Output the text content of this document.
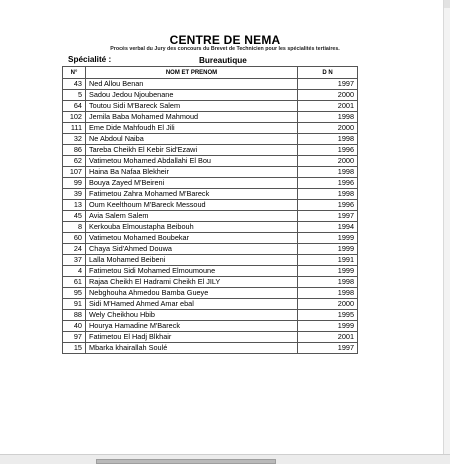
CENTRE DE NEMA
Procès verbal du Jury des concours du Brevet de Technicien pour les spécialités tertiaires.
Spécialité :	Bureautique
N°	NOM ET PRENOM	D N
43	Ned Allou Benan	1997
5	Sadou Jedou Njoubenane	2000
64	Toutou Sidi M'Bareck Salem	2001
102	Jemila Baba Mohamed Mahmoud	1998
111	Eme Dide Mahfoudh El Jili	2000
32	Ne Abdoul Naiba	1998
86	Tareba Cheikh El Kebir Sid'Ezawi	1996
62	Vatimetou Mohamed Abdallahi El Bou	2000
107	Haina Ba Nafaa Blekheir	1998
99	Bouya Zayed M'Beireni	1996
39	Fatimetou Zahra Mohamed M'Bareck	1998
13	Oum Keelthoum M'Bareck Messoud	1996
45	Avia Salem Salem	1997
8	Kerkouba Elmoustapha Beibouh	1994
60	Vatimetou Mohamed Boubekar	1999
24	Chaya Sid'Ahmed Douwa	1999
37	Lalla Mohamed Beibeni	1991
4	Fatimetou Sidi Mohamed Elmoumoune	1999
61	Rajaa Cheikh El Hadrami Cheikh El JILY	1998
95	Nebghouha Ahmedou Bamba Gueye	1998
91	Sidi M'Hamed Ahmed Amar ebal	2000
88	Wely Cheikhou Hbib	1995
40	Hourya Hamadine M'Bareck	1999
97	Fatimetou El Hadj Blkhair	2001
15	Mbarka khairallah Soulé	1997
